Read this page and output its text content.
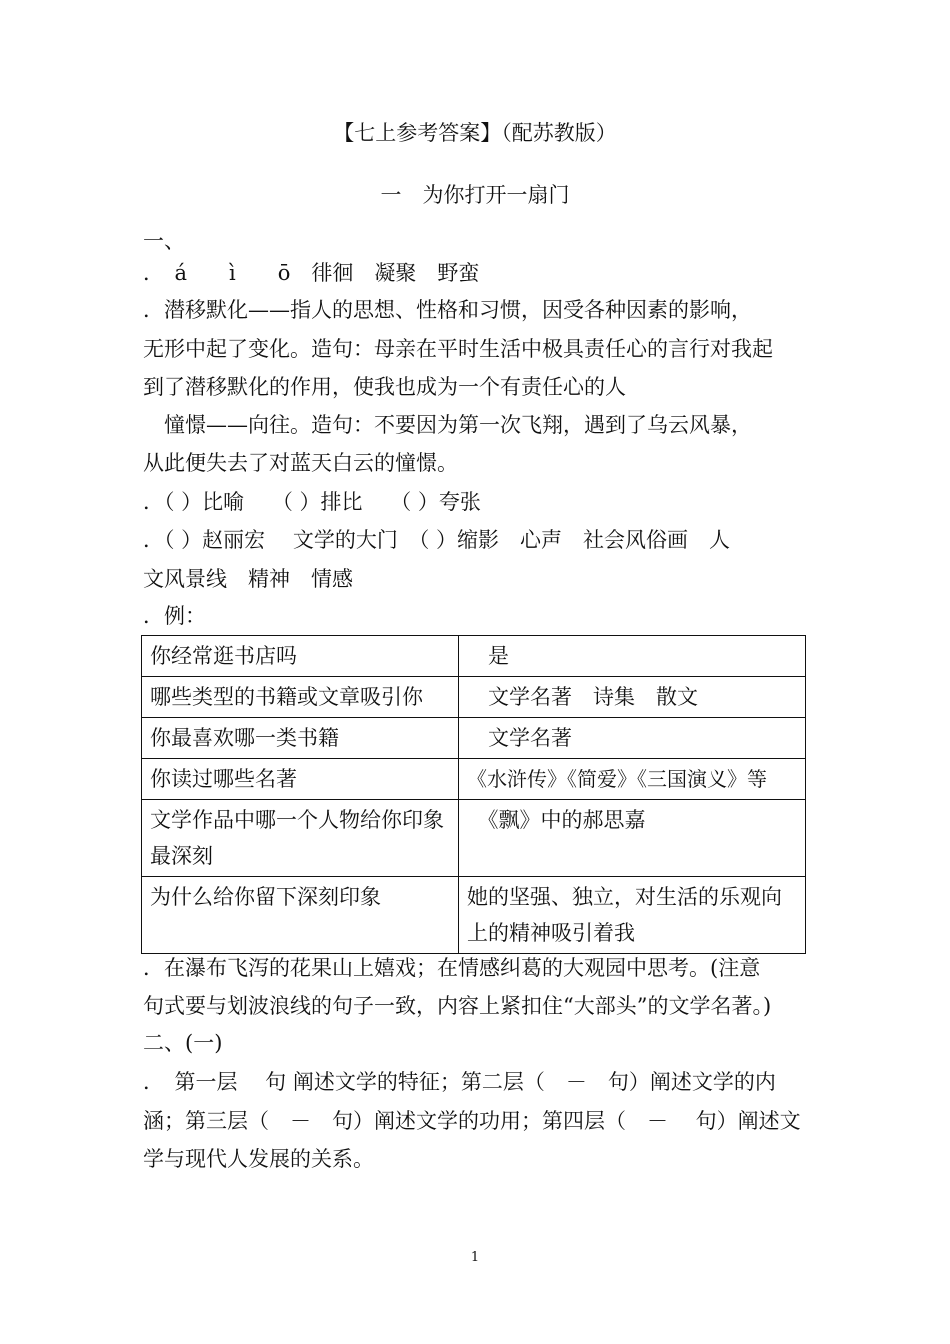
【七上参考答案】（配苏教版）
一　为你打开一扇门
一、
．　á　　ì　　ō　徘徊　凝聚　野蛮
．潜移默化——指人的思想、性格和习惯，因受各种因素的影响，
无形中起了变化。造句：母亲在平时生活中极具责任心的言行对我起
到了潜移默化的作用，使我也成为一个有责任心的人
　憧憬——向往。造句：不要因为第一次飞翔，遇到了乌云风暴，
从此便失去了对蓝天白云的憧憬。
．（ ）比喻　 （ ）排比　 （ ）夸张
．（ ）赵丽宏　 文学的大门　（ ）缩影　心声　社会风俗画　人
文风景线　精神　情感
．例：
你经常逛书店吗	　是
哪些类型的书籍或文章吸引你	　文学名著　诗集　散文
你最喜欢哪一类书籍	　文学名著
你读过哪些名著	《水浒传》《简爱》《三国演义》等
文学作品中哪一个人物给你印象最深刻	　《飘》中的郝思嘉
为什么给你留下深刻印象	她的坚强、独立，对生活的乐观向上的精神吸引着我
．在瀑布飞泻的花果山上嬉戏；在情感纠葛的大观园中思考。(注意
句式要与划波浪线的句子一致，内容上紧扣住“大部头”的文学名著。)
二、(一)
．　第一层　 句 阐述文学的特征；第二层（　－　句）阐述文学的内
涵；第三层（　－　句）阐述文学的功用；第四层（　－　 句）阐述文
学与现代人发展的关系。
1
